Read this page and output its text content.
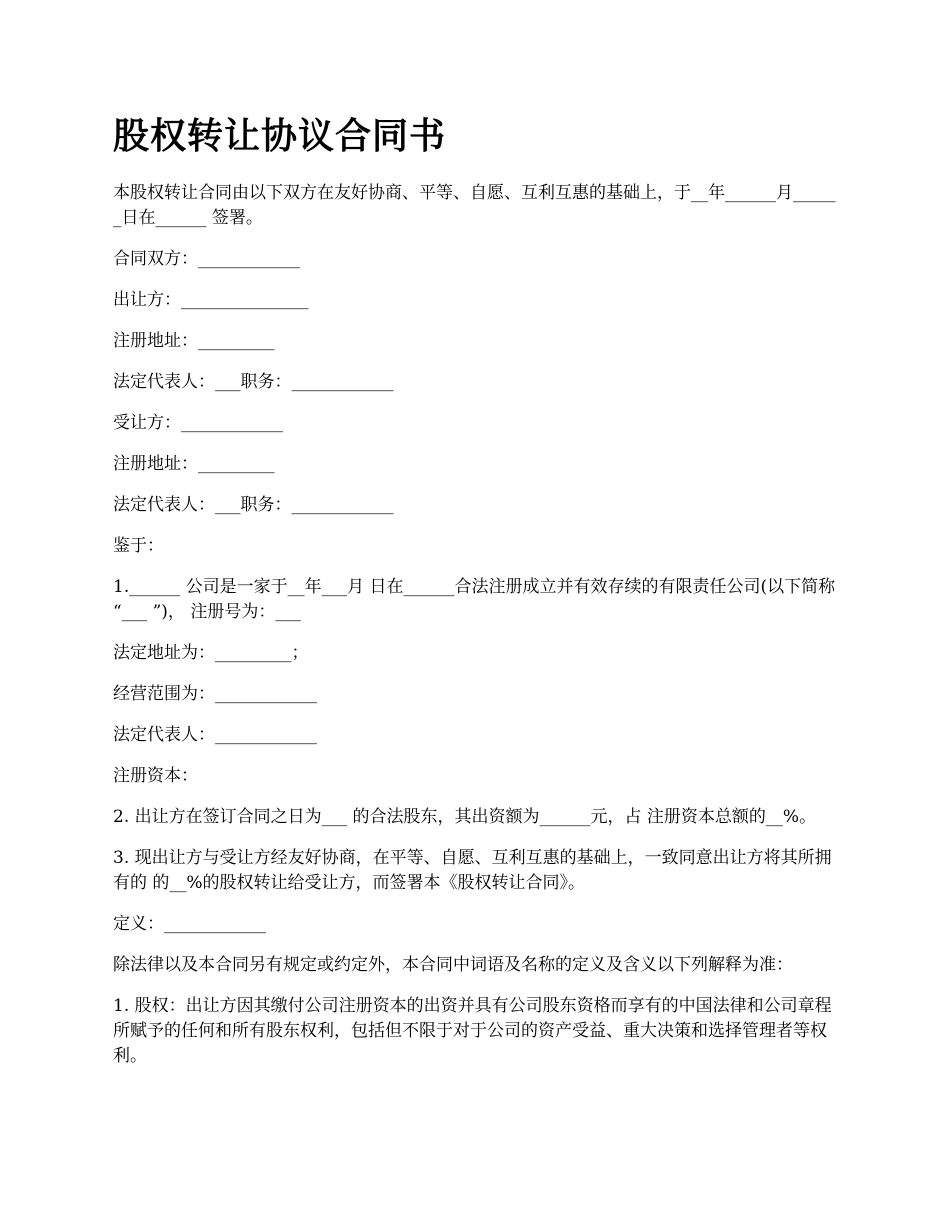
股权转让协议合同书

本股权转让合同由以下双方在友好协商、平等、自愿、互利互惠的基础上，于__年______月______日在______ 签署。

合同双方：____________

出让方：_______________

注册地址：_________

法定代表人：___职务：____________

受让方：____________

注册地址：_________

法定代表人：___职务：____________

鉴于：

1.______ 公司是一家于__年___月 日在______合法注册成立并有效存续的有限责任公司(以下简称 “___ ”)， 注册号为：___

法定地址为：_________；

经营范围为：____________

法定代表人：____________

注册资本：

2. 出让方在签订合同之日为___ 的合法股东，其出资额为______元，占 注册资本总额的__%。

3. 现出让方与受让方经友好协商，在平等、自愿、互利互惠的基础上，一致同意出让方将其所拥有的 的__%的股权转让给受让方，而签署本《股权转让合同》。

定义：____________

除法律以及本合同另有规定或约定外，本合同中词语及名称的定义及含义以下列解释为准：

1. 股权：出让方因其缴付公司注册资本的出资并具有公司股东资格而享有的中国法律和公司章程所赋予的任何和所有股东权利，包括但不限于对于公司的资产受益、重大决策和选择管理者等权利。
